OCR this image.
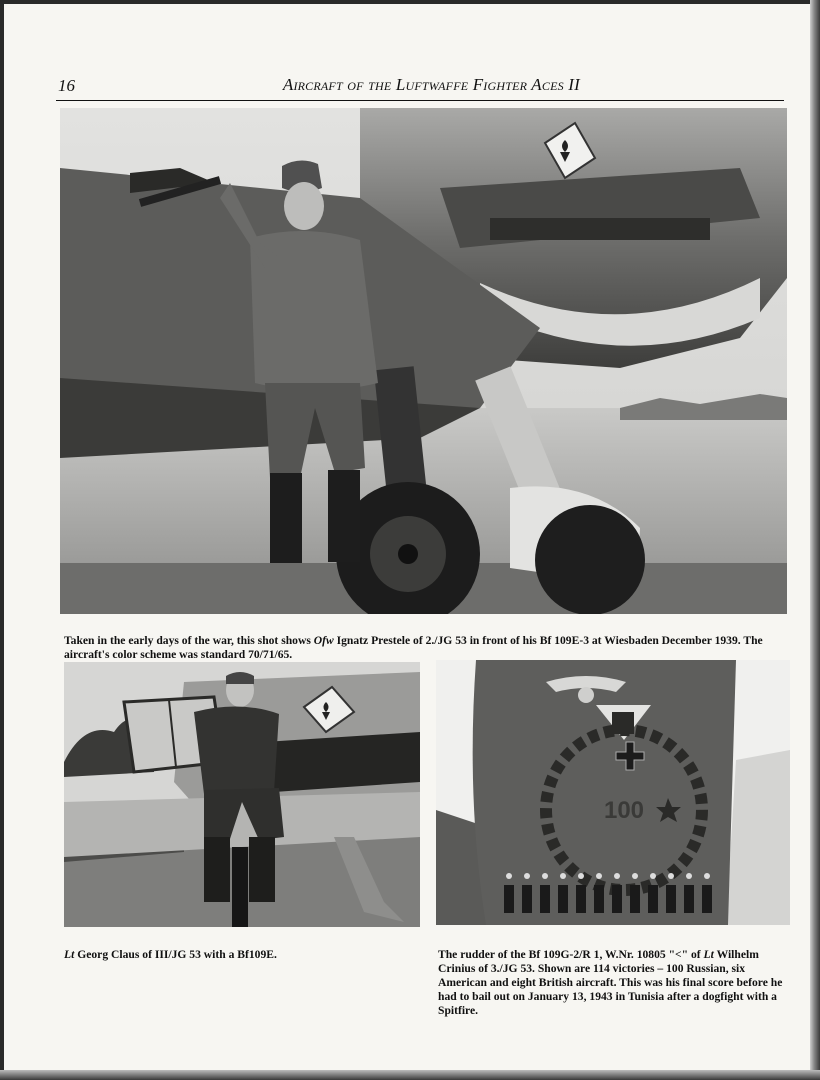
16	Aircraft of the Luftwaffe Fighter Aces II

Taken in the early days of the war, this shot shows Ofw Ignatz Prestele of 2./JG 53 in front of his Bf 109E-3 at Wiesbaden December 1939. The aircraft's color scheme was standard 70/71/65.

Lt Georg Claus of III/JG 53 with a Bf109E.

100

The rudder of the Bf 109G-2/R 1, W.Nr. 10805 "<" of Lt Wilhelm Crinius of 3./JG 53. Shown are 114 victories – 100 Russian, six American and eight British aircraft. This was his final score before he had to bail out on January 13, 1943 in Tunisia after a dogfight with a Spitfire.
